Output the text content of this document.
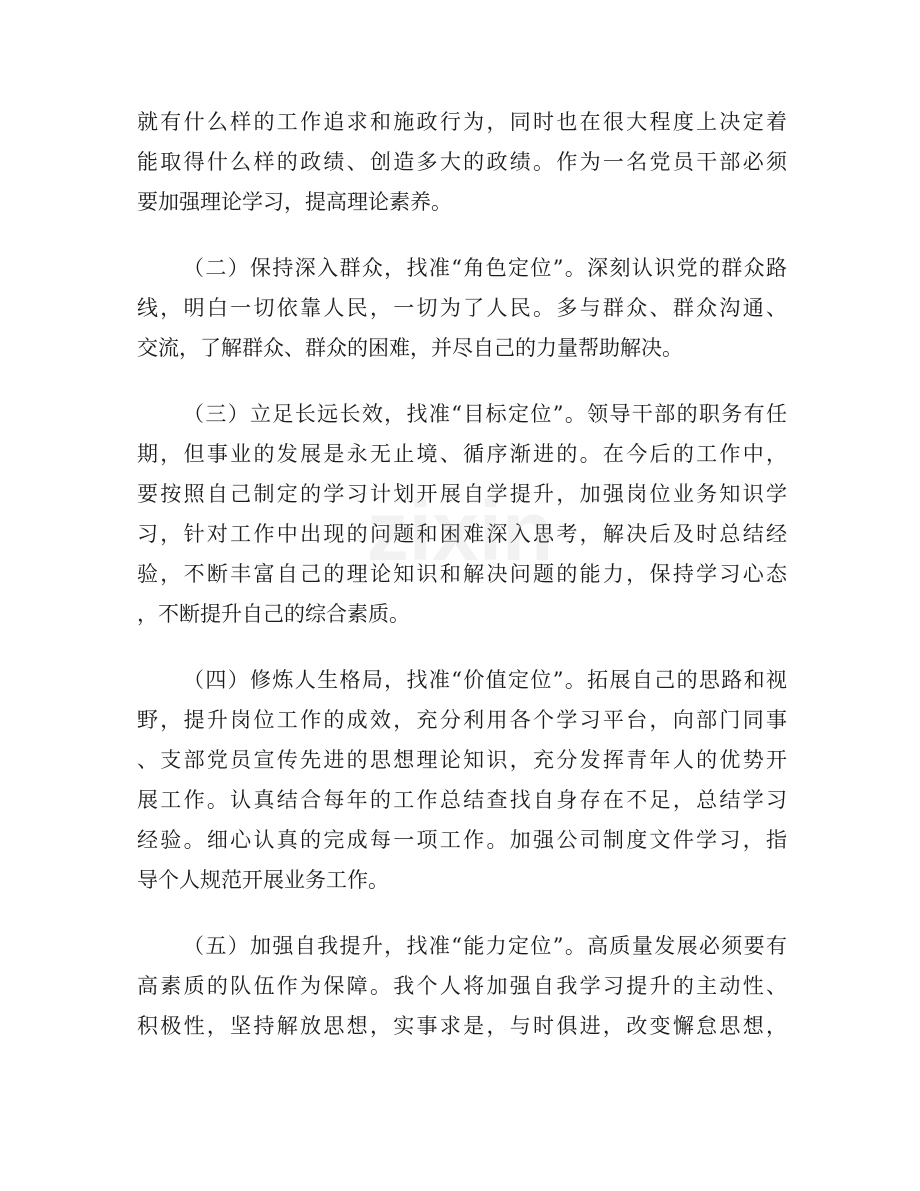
就有什么样的工作追求和施政行为，同时也在很大程度上决定着
能取得什么样的政绩、创造多大的政绩。作为一名党员干部必须
要加强理论学习，提高理论素养。
（二）保持深入群众，找准“角色定位”。深刻认识党的群众路
线，明白一切依靠人民，一切为了人民。多与群众、群众沟通、
交流，了解群众、群众的困难，并尽自己的力量帮助解决。
（三）立足长远长效，找准“目标定位”。领导干部的职务有任
期，但事业的发展是永无止境、循序渐进的。在今后的工作中，
要按照自己制定的学习计划开展自学提升，加强岗位业务知识学
习，针对工作中出现的问题和困难深入思考，解决后及时总结经
验，不断丰富自己的理论知识和解决问题的能力，保持学习心态
，不断提升自己的综合素质。
（四）修炼人生格局，找准“价值定位”。拓展自己的思路和视
野，提升岗位工作的成效，充分利用各个学习平台，向部门同事
、支部党员宣传先进的思想理论知识，充分发挥青年人的优势开
展工作。认真结合每年的工作总结查找自身存在不足，总结学习
经验。细心认真的完成每一项工作。加强公司制度文件学习，指
导个人规范开展业务工作。
（五）加强自我提升，找准“能力定位”。高质量发展必须要有
高素质的队伍作为保障。我个人将加强自我学习提升的主动性、
积极性，坚持解放思想，实事求是，与时俱进，改变懈怠思想，
zixin
